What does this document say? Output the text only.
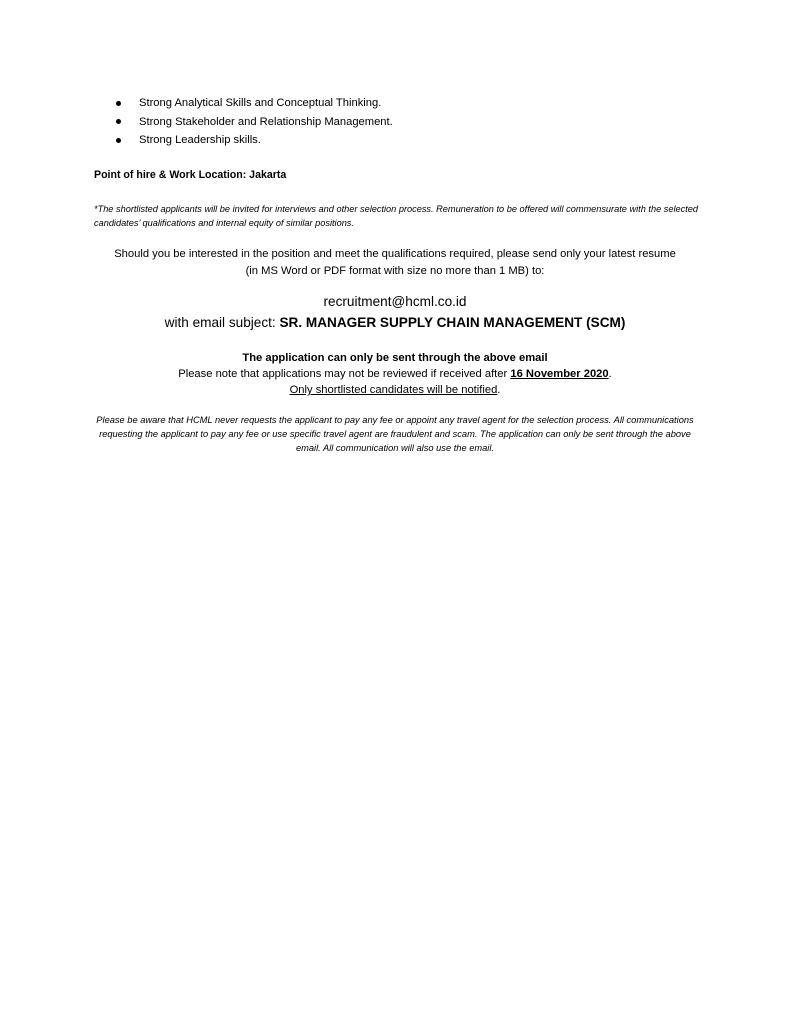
Strong Analytical Skills and Conceptual Thinking.
Strong Stakeholder and Relationship Management.
Strong Leadership skills.
Point of hire & Work Location: Jakarta
*The shortlisted applicants will be invited for interviews and other selection process. Remuneration to be offered will commensurate with the selected candidates’ qualifications and internal equity of similar positions.
Should you be interested in the position and meet the qualifications required, please send only your latest resume
(in MS Word or PDF format with size no more than 1 MB) to:
recruitment@hcml.co.id
with email subject: SR. MANAGER SUPPLY CHAIN MANAGEMENT (SCM)
The application can only be sent through the above email
Please note that applications may not be reviewed if received after 16 November 2020.
Only shortlisted candidates will be notified.
Please be aware that HCML never requests the applicant to pay any fee or appoint any travel agent for the selection process. All communications requesting the applicant to pay any fee or use specific travel agent are fraudulent and scam. The application can only be sent through the above email. All communication will also use the email.
